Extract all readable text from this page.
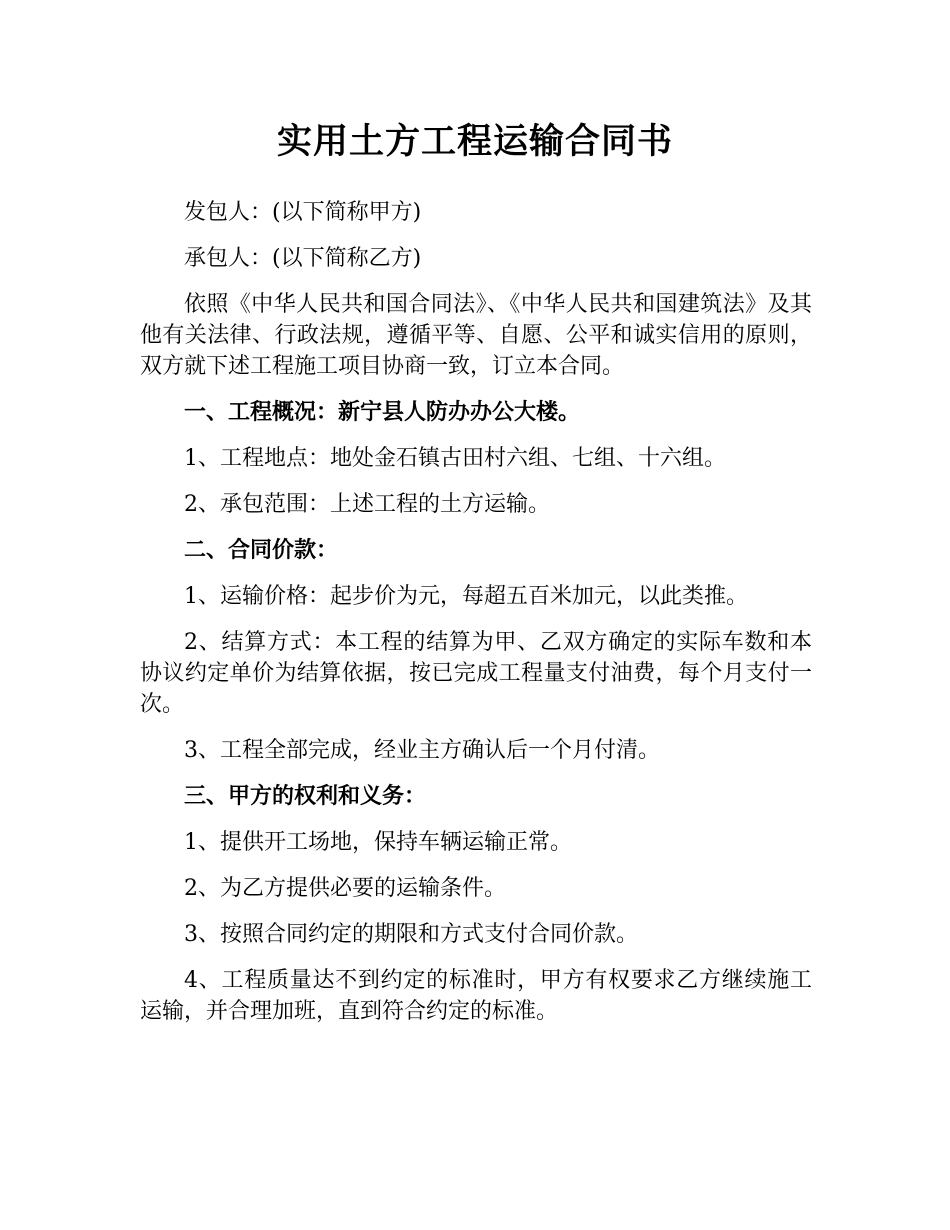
实用土方工程运输合同书

发包人：(以下简称甲方)

承包人：(以下简称乙方)

依照《中华人民共和国合同法》、《中华人民共和国建筑法》及其他有关法律、行政法规，遵循平等、自愿、公平和诚实信用的原则，双方就下述工程施工项目协商一致，订立本合同。

一、工程概况：新宁县人防办办公大楼。

1、工程地点：地处金石镇古田村六组、七组、十六组。

2、承包范围：上述工程的土方运输。

二、合同价款：

1、运输价格：起步价为元，每超五百米加元，以此类推。

2、结算方式：本工程的结算为甲、乙双方确定的实际车数和本协议约定单价为结算依据，按已完成工程量支付油费，每个月支付一次。

3、工程全部完成，经业主方确认后一个月付清。

三、甲方的权利和义务：

1、提供开工场地，保持车辆运输正常。

2、为乙方提供必要的运输条件。

3、按照合同约定的期限和方式支付合同价款。

4、工程质量达不到约定的标准时，甲方有权要求乙方继续施工运输，并合理加班，直到符合约定的标准。
